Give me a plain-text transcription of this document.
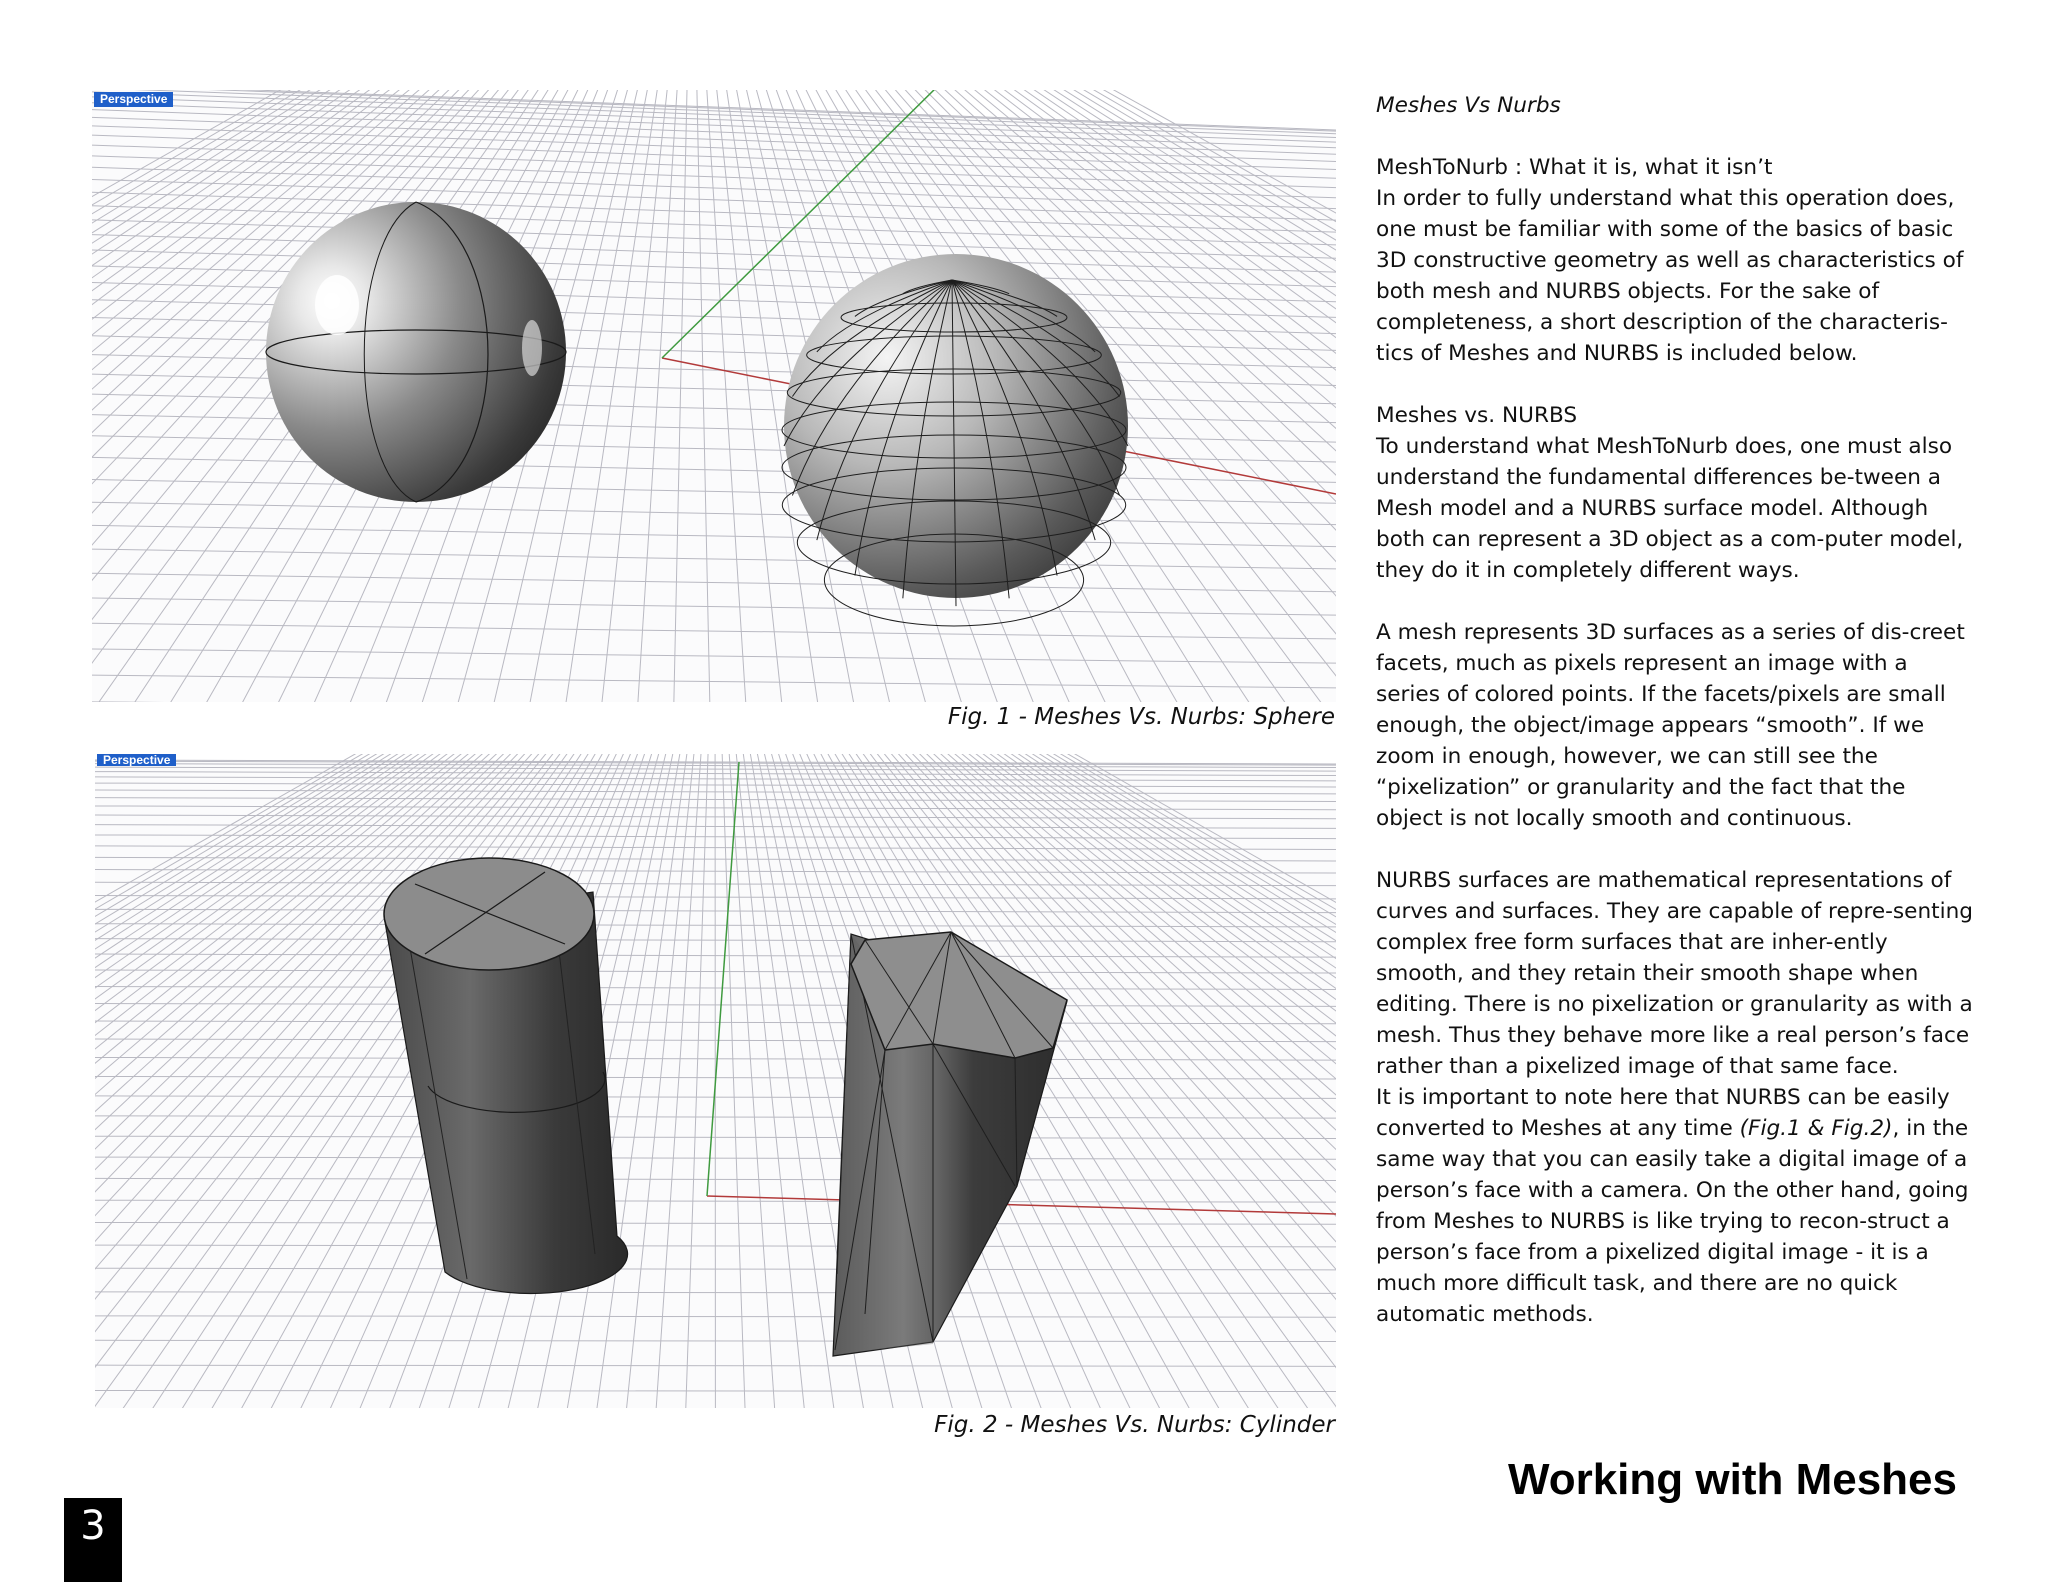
Perspective
Fig. 1 - Meshes Vs. Nurbs: Sphere
Perspective
Fig. 2 - Meshes Vs. Nurbs: Cylinder

Meshes Vs Nurbs

MeshToNurb : What it is, what it isn’t

In order to fully understand what this operation does, one must be familiar with some of the basics of basic 3D constructive geometry as well as characteristics of both mesh and NURBS objects. For the sake of completeness, a short description of the characteris-tics of Meshes and NURBS is included below.

Meshes vs. NURBS

To understand what MeshToNurb does, one must also understand the fundamental differences be-tween a Mesh model and a NURBS surface model. Although both can represent a 3D object as a com-puter model, they do it in completely different ways.

A mesh represents 3D surfaces as a series of dis-creet facets, much as pixels represent an image with a series of colored points. If the facets/pixels are small enough, the object/image appears “smooth”. If we zoom in enough, however, we can still see the “pixelization” or granularity and the fact that the object is not locally smooth and continuous.

NURBS surfaces are mathematical representations of curves and surfaces. They are capable of repre-senting complex free form surfaces that are inher-ently smooth, and they retain their smooth shape when editing. There is no pixelization or granularity as with a mesh. Thus they behave more like a real person’s face rather than a pixelized image of that same face.

It is important to note here that NURBS can be easily converted to Meshes at any time (Fig.1 & Fig.2), in the same way that you can easily take a digital image of a person’s face with a camera. On the other hand, going from Meshes to NURBS is like trying to recon-struct a person’s face from a pixelized digital image - it is a much more difficult task, and there are no quick automatic methods.

Working with Meshes
3
